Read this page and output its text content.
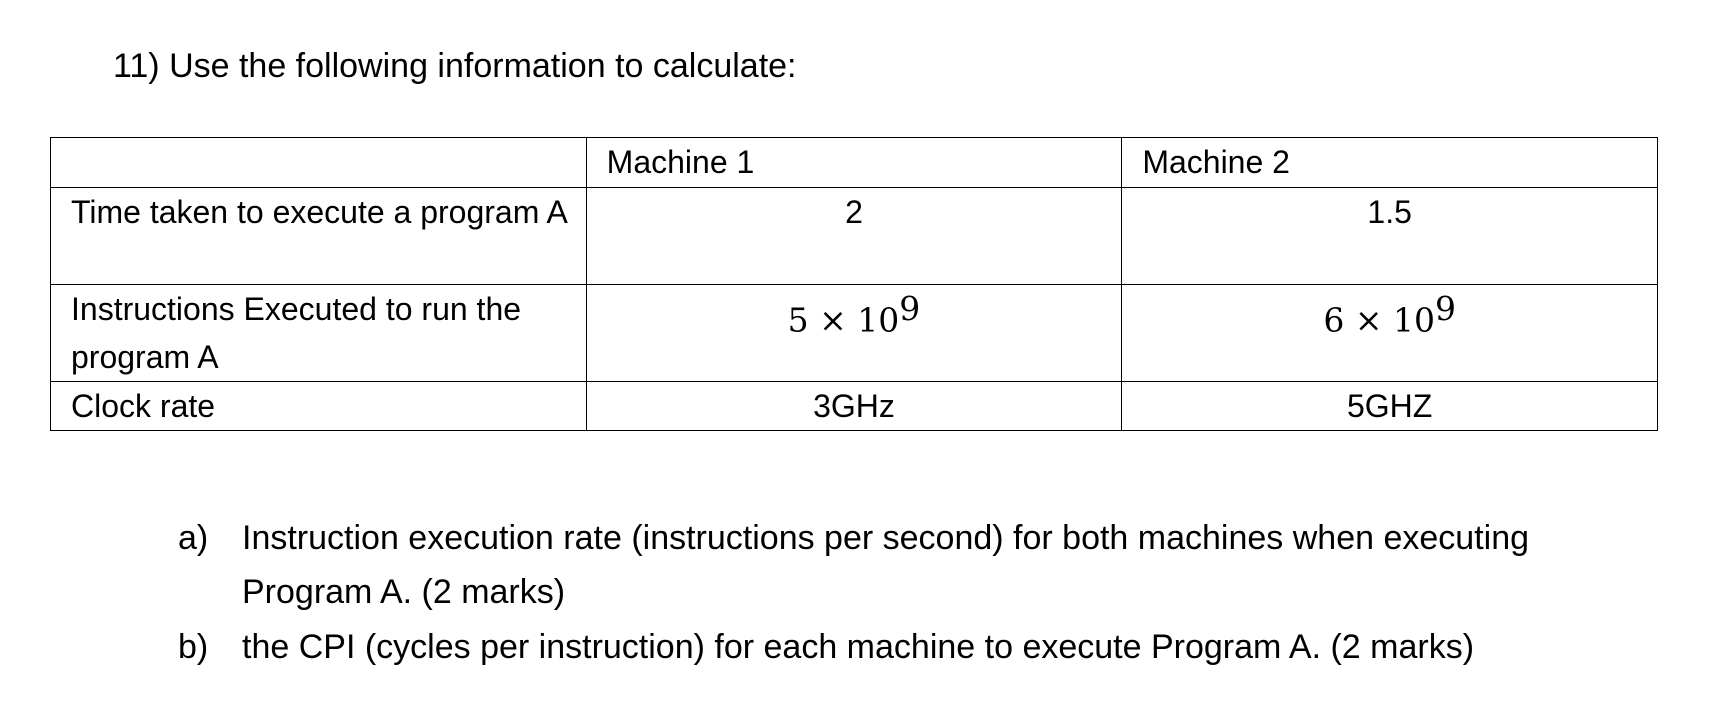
11) Use the following information to calculate:
	Machine 1	Machine 2
Time taken to execute a program A	2	1.5
Instructions Executed to run the program A	$5 \times 10^9$	$6 \times 10^9$
Clock rate	3GHz	5GHZ
a) Instruction execution rate (instructions per second) for both machines when executing Program A. (2 marks)
b) the CPI (cycles per instruction) for each machine to execute Program A. (2 marks)
